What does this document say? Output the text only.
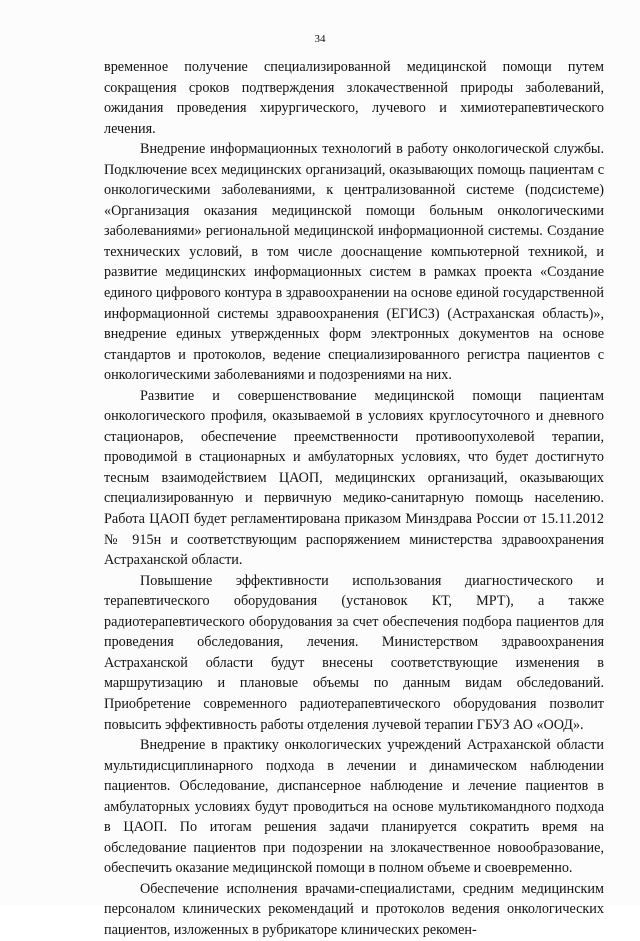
34

временное получение специализированной медицинской помощи путем сокращения сроков подтверждения злокачественной природы заболеваний, ожидания проведения хирургического, лучевого и химиотерапевтического лечения.

Внедрение информационных технологий в работу онкологической службы. Подключение всех медицинских организаций, оказывающих помощь пациентам с онкологическими заболеваниями, к централизованной системе (подсистеме) «Организация оказания медицинской помощи больным онкологическими заболеваниями» региональной медицинской информационной системы. Создание технических условий, в том числе дооснащение компьютерной техникой, и развитие медицинских информационных систем в рамках проекта «Создание единого цифрового контура в здравоохранении на основе единой государственной информационной системы здравоохранения (ЕГИСЗ) (Астраханская область)», внедрение единых утвержденных форм электронных документов на основе стандартов и протоколов, ведение специализированного регистра пациентов с онкологическими заболеваниями и подозрениями на них.

Развитие и совершенствование медицинской помощи пациентам онкологического профиля, оказываемой в условиях круглосуточного и дневного стационаров, обеспечение преемственности противоопухолевой терапии, проводимой в стационарных и амбулаторных условиях, что будет достигнуто тесным взаимодействием ЦАОП, медицинских организаций, оказывающих специализированную и первичную медико-санитарную помощь населению. Работа ЦАОП будет регламентирована приказом Минздрава России от 15.11.2012 № 915н и соответствующим распоряжением министерства здравоохранения Астраханской области.

Повышение эффективности использования диагностического и терапевтического оборудования (установок КТ, МРТ), а также радиотерапевтического оборудования за счет обеспечения подбора пациентов для проведения обследования, лечения. Министерством здравоохранения Астраханской области будут внесены соответствующие изменения в маршрутизацию и плановые объемы по данным видам обследований. Приобретение современного радиотерапевтического оборудования позволит повысить эффективность работы отделения лучевой терапии ГБУЗ АО «ООД».

Внедрение в практику онкологических учреждений Астраханской области мультидисциплинарного подхода в лечении и динамическом наблюдении пациентов. Обследование, диспансерное наблюдение и лечение пациентов в амбулаторных условиях будут проводиться на основе мультикомандного подхода в ЦАОП. По итогам решения задачи планируется сократить время на обследование пациентов при подозрении на злокачественное новообразование, обеспечить оказание медицинской помощи в полном объеме и своевременно.

Обеспечение исполнения врачами-специалистами, средним медицинским персоналом клинических рекомендаций и протоколов ведения онкологических пациентов, изложенных в рубрикаторе клинических рекомен-
